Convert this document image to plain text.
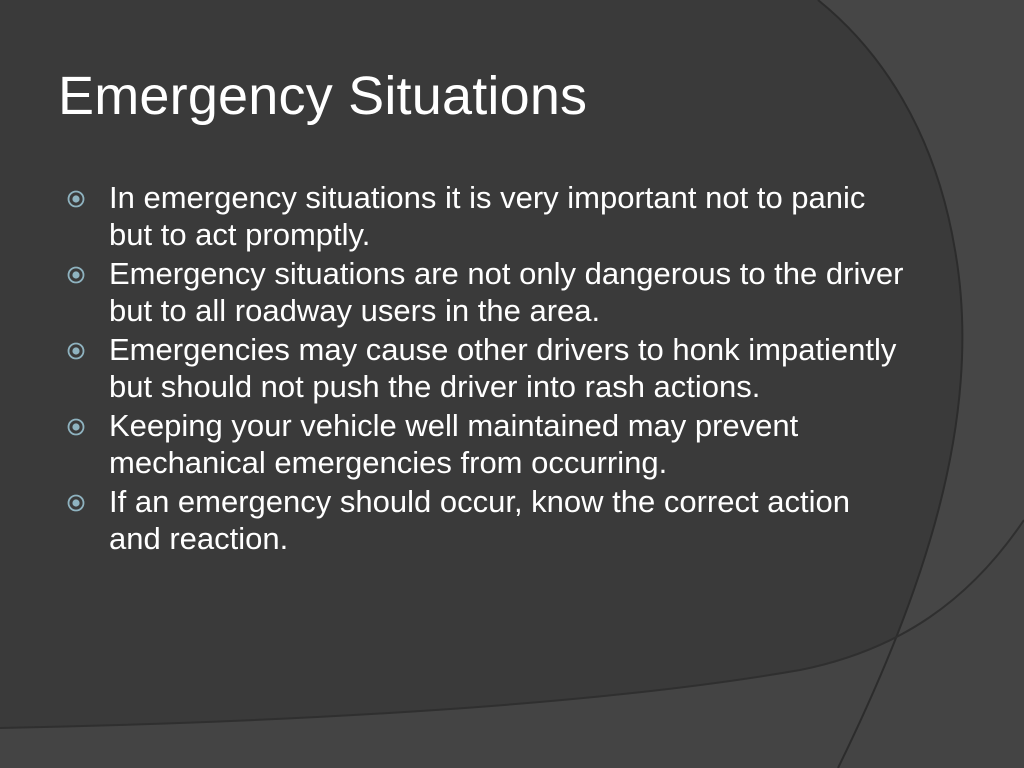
Emergency Situations
In emergency situations it is very important not to panic but to act promptly.
Emergency situations are not only dangerous to the driver but to all roadway users in the area.
Emergencies may cause other drivers to honk impatiently but should not push the driver into rash actions.
Keeping your vehicle well maintained may prevent mechanical emergencies from occurring.
If an emergency should occur, know the correct action and reaction.
